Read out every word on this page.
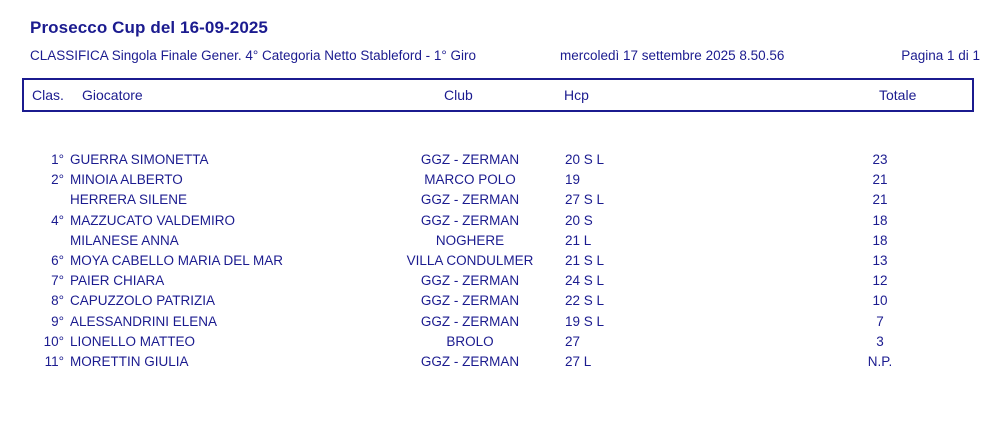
Prosecco Cup del 16-09-2025
CLASSIFICA Singola Finale Gener. 4° Categoria Netto Stableford - 1° Giro	mercoledì 17 settembre 2025 8.50.56	Pagina 1 di 1
Clas. Giocatore	Club	Hcp	Totale
1° GUERRA SIMONETTA	GGZ - ZERMAN	20 S L	23
2° MINOIA ALBERTO	MARCO POLO	19	21
HERRERA SILENE	GGZ - ZERMAN	27 S L	21
4° MAZZUCATO VALDEMIRO	GGZ - ZERMAN	20 S	18
MILANESE ANNA	NOGHERE	21 L	18
6° MOYA CABELLO MARIA DEL MAR	VILLA CONDULMER	21 S L	13
7° PAIER CHIARA	GGZ - ZERMAN	24 S L	12
8° CAPUZZOLO PATRIZIA	GGZ - ZERMAN	22 S L	10
9° ALESSANDRINI ELENA	GGZ - ZERMAN	19 S L	7
10° LIONELLO MATTEO	BROLO	27	3
11° MORETTIN GIULIA	GGZ - ZERMAN	27 L	N.P.
